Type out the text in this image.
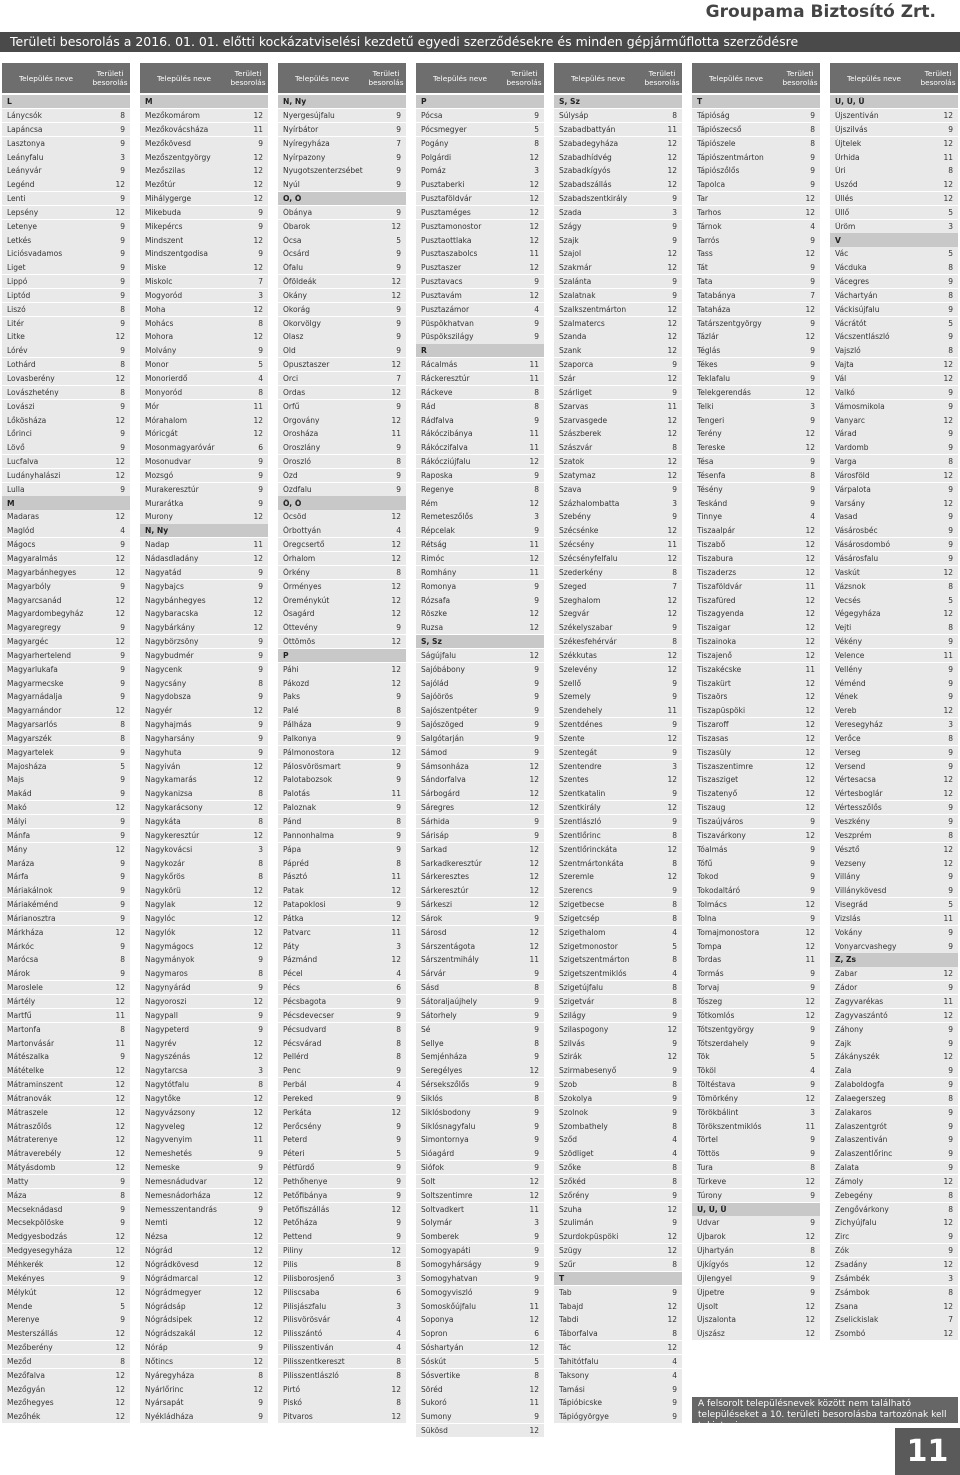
Groupama Biztosító Zrt.
Területi besorolás a 2016. 01. 01. előtti kockázatviselési kezdetű egyedi szerződésekre és minden gépjárműflotta szerződésre
Település neve	Területi besorolás
L
Lánycsók	8
Lapáncsa	9
Lasztonya	9
Leányfalu	3
Leányvár	9
Legénd	12
Lenti	9
Lepsény	12
Letenye	9
Letkés	9
Liciósvadamos	9
Liget	9
Lippó	9
Liptód	9
Liszó	8
Litér	9
Litke	12
Lórév	9
Lothárd	8
Lovasberény	12
Lovászhetény	8
Lovászi	9
Lőkösháza	12
Lőrinci	9
Lövő	9
Lucfalva	12
Ludányhalászi	12
Lulla	9
M
Madaras	12
Maglód	4
Mágocs	9
Magyaralmás	12
Magyarbánhegyes	12
Magyarbóly	9
Magyarcsanád	12
Magyardombegyház	12
Magyaregregy	9
Magyargéc	12
Magyarhertelend	9
Magyarlukafa	9
Magyarmecske	9
Magyarnádalja	9
Magyarnándor	12
Magyarsarlós	8
Magyarszék	8
Magyartelek	9
Majosháza	5
Majs	9
Makád	9
Makó	12
Mályi	9
Mánfa	9
Mány	12
Maráza	9
Márfa	9
Máriakálnok	9
Máriakéménd	9
Márianosztra	9
Márkháza	12
Márkóc	9
Marócsa	8
Márok	9
Maroslele	12
Mártély	12
Martfű	11
Martonfa	8
Martonvásár	11
Mátészalka	9
Mátételke	12
Mátraminszent	12
Mátranovák	12
Mátraszele	12
Mátraszőlős	12
Mátraterenye	12
Mátraverebély	12
Mátyásdomb	12
Matty	9
Máza	8
Mecseknádasd	9
Mecsekpölöske	9
Medgyesbodzás	12
Medgyesegyháza	12
Méhkerék	12
Mekényes	9
Mélykút	12
Mende	5
Merenye	9
Mesterszállás	12
Mezőberény	12
Meződ	8
Mezőfalva	12
Mezőgyán	12
Mezőhegyes	12
Mezőhék	12
Település neve	Területi besorolás
M
Mezőkomárom	12
Mezőkovácsháza	11
Mezőkövesd	9
Mezőszentgyörgy	12
Mezőszilas	12
Mezőtúr	12
Mihálygerge	12
Mikebuda	9
Mikepércs	9
Mindszent	12
Mindszentgodisa	9
Miske	12
Miskolc	7
Mogyoród	3
Moha	12
Mohács	8
Mohora	12
Molvány	9
Monor	5
Monorierdő	4
Monyoród	8
Mór	11
Mórahalom	12
Móricgát	12
Mosonmagyaróvár	6
Mosonudvar	9
Mozsgó	9
Murakeresztúr	9
Murarátka	9
Murony	12
N, Ny
Nadap	11
Nádasdladány	12
Nagyatád	9
Nagybajcs	9
Nagybánhegyes	12
Nagybaracska	12
Nagybárkány	12
Nagybörzsöny	9
Nagybudmér	9
Nagycenk	9
Nagycsány	8
Nagydobsza	9
Nagyér	12
Nagyhajmás	9
Nagyharsány	9
Nagyhuta	9
Nagyiván	12
Nagykamarás	12
Nagykanizsa	8
Nagykarácsony	12
Nagykáta	8
Nagykeresztúr	12
Nagykovácsi	3
Nagykozár	8
Nagykőrös	8
Nagykörü	12
Nagylak	12
Nagylóc	12
Nagylók	12
Nagymágocs	12
Nagymányok	9
Nagymaros	8
Nagynyárád	9
Nagyoroszi	12
Nagypall	9
Nagypeterd	9
Nagyrév	12
Nagyszénás	12
Nagytarcsa	3
Nagytótfalu	8
Nagytőke	12
Nagyvázsony	12
Nagyveleg	12
Nagyvenyim	11
Nemeshetés	9
Nemeske	9
Nemesnádudvar	12
Nemesnádorháza	12
Nemesszentandrás	9
Nemti	12
Nézsa	12
Nógrád	12
Nógrádkövesd	12
Nógrádmarcal	12
Nógrádmegyer	12
Nógrádsáp	12
Nógrádsipek	12
Nógrádszakál	12
Nóráp	9
Nőtincs	12
Nyáregyháza	8
Nyárlőrinc	12
Nyársapát	9
Nyékládháza	9
Település neve	Területi besorolás
N, Ny
Nyergesújfalu	9
Nyírbátor	9
Nyíregyháza	7
Nyírpazony	9
Nyugotszenterzsébet	9
Nyúl	9
O, Ó
Óbánya	9
Óbarok	12
Ócsa	5
Öcsárd	9
Ófalu	9
Őföldeák	12
Okány	12
Okorág	9
Okorvölgy	9
Olasz	9
Old	9
Ópusztaszer	12
Orci	7
Ordas	12
Orfű	9
Orgovány	12
Orosháza	11
Oroszlány	9
Oroszló	8
Ózd	9
Ózdfalu	9
Ö, Ő
Öcsöd	12
Őrbottyán	4
Öregcsertő	12
Őrhalom	12
Őrkény	8
Örményes	12
Öreménykút	12
Ősagárd	12
Öttevény	9
Öttömös	12
P
Páhi	12
Pákozd	12
Paks	9
Palé	8
Pálháza	9
Palkonya	9
Pálmonostora	12
Pálosvörösmart	9
Palotabozsok	9
Palotás	11
Paloznak	9
Pánd	8
Pannonhalma	9
Pápa	9
Pápréd	8
Pásztó	11
Patak	12
Patapoklosi	9
Pátka	12
Patvarc	11
Páty	3
Pázmánd	12
Pécel	4
Pécs	6
Pécsbagota	9
Pécsdevecser	9
Pécsudvard	8
Pécsvárad	8
Pellérd	8
Penc	9
Perbál	4
Pereked	9
Perkáta	12
Perőcsény	9
Peterd	9
Péteri	5
Pétfürdő	9
Pethőhenye	9
Petőfibánya	9
Petőfiszállás	12
Petőháza	9
Pettend	9
Piliny	12
Pilis	8
Pilisborosjenő	3
Piliscsaba	6
Pilisjászfalu	3
Pilisvörösvár	4
Pilisszántó	4
Pilisszentiván	4
Pilisszentkereszt	8
Pilisszentlászló	8
Pirtó	12
Piskó	8
Pitvaros	12
Település neve	Területi besorolás
P
Pócsa	9
Pócsmegyer	5
Pogány	8
Polgárdi	12
Pomáz	3
Pusztaberki	12
Pusztaföldvár	12
Pusztaméges	12
Pusztamonostor	12
Pusztaottlaka	12
Pusztaszabolcs	11
Pusztaszer	12
Pusztavacs	9
Pusztavám	12
Pusztazámor	4
Püspökhatvan	9
Püspökszilágy	9
R
Rácalmás	11
Ráckeresztúr	11
Ráckeve	8
Rád	8
Rádfalva	9
Rákóczibánya	11
Rákóczifalva	11
Rákócziújfalu	12
Raposka	9
Regenye	8
Rém	12
Remeteszőlős	3
Répcelak	9
Rétság	11
Rimóc	12
Romhány	11
Romonya	9
Rózsafa	9
Röszke	12
Ruzsa	12
S, Sz
Ságújfalu	12
Sajóbábony	9
Sajólád	9
Sajóörös	9
Sajószentpéter	9
Sajószöged	9
Salgótarján	9
Sámod	9
Sámsonháza	12
Sándorfalva	12
Sárbogárd	12
Sáregres	12
Sárhida	9
Sárisáp	9
Sarkad	12
Sarkadkeresztúr	12
Sárkeresztes	12
Sárkeresztúr	12
Sárkeszi	12
Sárok	9
Sárosd	12
Sárszentágota	12
Sárszentmihály	11
Sárvár	9
Sásd	8
Sátoraljaújhely	9
Sátorhely	9
Sé	9
Sellye	8
Semjénháza	9
Seregélyes	12
Sérsekszőlős	9
Siklós	8
Siklósbodony	9
Siklósnagyfalu	9
Simontornya	9
Sióagárd	9
Siófok	9
Solt	12
Soltszentimre	12
Soltvadkert	11
Solymár	3
Somberek	9
Somogyapáti	9
Somogyhárságy	9
Somogyhatvan	9
Somogyviszló	9
Somoskőújfalu	11
Soponya	12
Sopron	6
Sóshartyán	12
Sóskút	5
Sósvertike	8
Söréd	12
Sukoró	11
Sumony	9
Sükösd	12
Település neve	Területi besorolás
S, Sz
Súlysáp	8
Szabadbattyán	11
Szabadegyháza	12
Szabadhídvég	12
Szabadkígyós	12
Szabadszállás	12
Szabadszentkirály	9
Szada	3
Szágy	9
Szajk	9
Szajol	12
Szakmár	12
Szalánta	9
Szalatnak	9
Szalkszentmárton	12
Szalmatercs	12
Szanda	12
Szank	12
Szaporca	9
Szár	12
Szárliget	9
Szarvas	11
Szarvasgede	12
Szászberek	12
Szászvár	8
Szatok	12
Szatymaz	12
Szava	9
Százhalombatta	3
Szebény	9
Szécsénke	12
Szécsény	11
Szécsényfelfalu	12
Szederkény	8
Szeged	7
Szeghalom	12
Szegvár	12
Székelyszabar	9
Székesfehérvár	8
Székkutas	12
Szelevény	12
Szellő	9
Szemely	9
Szendehely	11
Szentdénes	9
Szente	12
Szentegát	9
Szentendre	3
Szentes	12
Szentkatalin	9
Szentkirály	12
Szentlászló	9
Szentlőrinc	8
Szentlőrinckáta	12
Szentmártonkáta	8
Szeremle	12
Szerencs	9
Szigetbecse	8
Szigetcsép	8
Szigethalom	4
Szigetmonostor	5
Szigetszentmárton	8
Szigetszentmiklós	4
Szigetújfalu	8
Szigetvár	8
Szilágy	9
Szilaspogony	12
Szilvás	9
Szirák	12
Szirmabesenyő	9
Szob	8
Szokolya	9
Szolnok	9
Szombathely	8
Sződ	4
Szödliget	4
Szőke	8
Szőkéd	8
Szőrény	9
Szuha	12
Szulimán	9
Szurdokpüspöki	12
Szügy	12
Szűr	8
T
Tab	9
Tabajd	12
Tabdi	12
Táborfalva	8
Tác	12
Tahitótfalu	4
Taksony	4
Tamási	9
Tápióbicske	9
Tápiógyörgye	9
Település neve	Területi besorolás
T
Tápióság	9
Tápiószecső	8
Tápiószele	8
Tápiószentmárton	9
Tápiószőlős	9
Tapolca	9
Tar	12
Tarhos	12
Tárnok	4
Tarrós	9
Tass	12
Tát	9
Tata	9
Tatabánya	7
Tataháza	12
Tatárszentgyörgy	9
Tázlár	12
Téglás	9
Tékes	9
Teklafalu	9
Telekgerendás	12
Telki	3
Tengeri	9
Terény	12
Tereske	12
Tésa	9
Tésenfa	8
Tésény	9
Teskánd	9
Tinnye	4
Tiszaalpár	12
Tiszabő	12
Tiszabura	12
Tiszaderzs	12
Tiszaföldvár	11
Tiszafüred	12
Tiszagyenda	12
Tiszaigar	12
Tiszainoka	12
Tiszajenő	12
Tiszakécske	11
Tiszakürt	12
Tiszaörs	12
Tiszapüspöki	12
Tiszaroff	12
Tiszasas	12
Tiszasüly	12
Tiszaszentimre	12
Tiszasziget	12
Tiszatenyő	12
Tiszaug	12
Tiszaújváros	9
Tiszavárkony	12
Tóalmás	9
Tófű	9
Tokod	9
Tokodaltáró	9
Tolmács	12
Tolna	9
Tomajmonostora	12
Tompa	12
Tordas	11
Tormás	9
Torvaj	9
Tószeg	12
Tótkomlós	12
Tótszentgyörgy	9
Tótszerdahely	9
Tök	5
Tököl	4
Töltéstava	9
Tömörkény	12
Törökbálint	3
Törökszentmiklós	11
Törtel	9
Töttös	9
Tura	8
Türkeve	12
Túrony	9
U, Ú, Ü
Udvar	9
Újbarok	12
Újhartyán	8
Újkígyós	12
Újlengyel	9
Újpetre	9
Újsolt	12
Újszalonta	12
Újszász	12
Település neve	Területi besorolás
U, Ú, Ü
Újszentiván	12
Újszilvás	9
Újtelek	12
Úrhida	11
Úri	8
Uszód	12
Üllés	12
Üllő	5
Üröm	3
V
Vác	5
Vácduka	8
Vácegres	9
Váchartyán	8
Váckisújfalu	9
Vácrátót	5
Vácszentlászló	9
Vajszló	8
Vajta	12
Vál	12
Valkó	9
Vámosmikola	9
Vanyarc	12
Várad	9
Vardomb	9
Varga	8
Városföld	12
Várpalota	9
Varsány	12
Vasad	9
Vásárosbéc	9
Vásárosdombó	9
Vásárosfalu	9
Vaskút	12
Vázsnok	8
Vecsés	5
Végegyháza	12
Vejti	8
Vékény	9
Velence	11
Vellény	9
Véménd	9
Vének	9
Vereb	12
Veresegyház	3
Verőce	8
Verseg	9
Versend	9
Vértesacsa	12
Vértesboglár	12
Vértesszőlős	9
Veszkény	9
Veszprém	8
Vésztő	12
Vezseny	12
Villány	9
Villánykövesd	9
Visegrád	5
Vizslás	11
Vokány	9
Vonyarcvashegy	9
Z, Zs
Zabar	12
Zádor	9
Zagyvarékas	11
Zagyvaszántó	12
Záhony	9
Zajk	9
Zákányszék	12
Zala	9
Zalaboldogfa	9
Zalaegerszeg	8
Zalakaros	9
Zalaszentgrót	9
Zalaszentiván	9
Zalaszentlőrinc	9
Zalatа	9
Zámoly	12
Zebegény	8
Zengővárkony	8
Zichyújfalu	12
Zirc	9
Zók	9
Zsadány	12
Zsámbék	3
Zsámbok	8
Zsana	12
Zselickislak	7
Zsombó	12
A felsorolt településnevek között nem található településeket a 10. területi besorolásba tartozónak kell tekinteni.
11
